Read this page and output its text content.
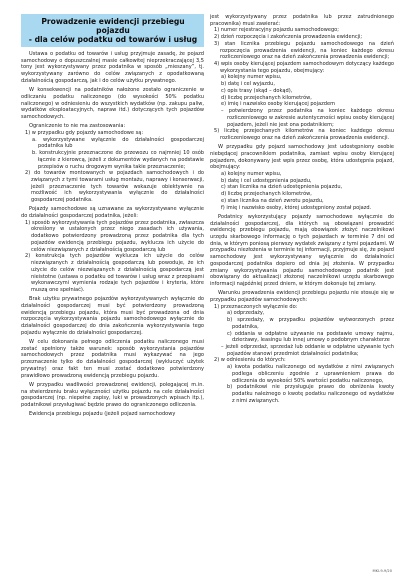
Prowadzenie ewidencji przebiegu pojazdu
- dla celów podatku od towarów i usług

Ustawa o podatku od towarów i usług przyjmuje zasadę, że pojazd samochodowy o dopuszczalnej masie całkowitej nieprzekraczającej 3,5 tony jest wykorzystywany przez podatnika w sposób „mieszany”, tj. wykorzystywany zarówno do celów związanych z opodatkowaną działalnością gospodarczą, jak i do celów użytku prywatnego.

W konsekwencji na podatników nałożone zostało ograniczenie w odliczaniu podatku naliczonego (do wysokości 50% podatku naliczonego) w odniesieniu do wszystkich wydatków (np. zakupu paliw, wydatków eksploatacyjnych, napraw itd.) dotyczących tych pojazdów samochodowych.

Ograniczenie to nie ma zastosowania:

1) w przypadku gdy pojazdy samochodowe są:

a. wykorzystywane wyłącznie do działalności gospodarczej podatnika lub

b. konstrukcyjnie przeznaczone do przewozu co najmniej 10 osób łącznie z kierowcą, jeżeli z dokumentów wydanych na podstawie przepisów o ruchu drogowym wynika takie przeznaczenie;

2) do towarów montowanych w pojazdach samochodowych i do związanych z tymi towarami usług montażu, naprawy i konserwacji, jeżeli przeznaczenie tych towarów wskazuje obiektywnie na możliwość ich wykorzystywania wyłącznie do działalności gospodarczej podatnika.

Pojazdy samochodowe są uznawane za wykorzystywane wyłącznie do działalności gospodarczej podatnika, jeżeli:

1) sposób wykorzystywania tych pojazdów przez podatnika, zwłaszcza określony w ustalonych przez niego zasadach ich używania, dodatkowo potwierdzony prowadzoną przez podatnika dla tych pojazdów ewidencją przebiegu pojazdu, wyklucza ich użycie do celów niezwiązanych z działalnością gospodarczą lub

2) konstrukcja tych pojazdów wyklucza ich użycie do celów niezwiązanych z działalnością gospodarczą lub powoduje, że ich użycie do celów niezwiązanych z działalnością gospodarczą jest nieistotne (ustawa o podatku od towarów i usług wraz z przepisami wykonawczymi wymienia rodzaje tych pojazdów i kryteria, które muszą one spełniać).

Brak użytku prywatnego pojazdów wykorzystywanych wyłącznie do działalności gospodarczej musi być potwierdzony prowadzoną ewidencją przebiegu pojazdu, która musi być prowadzona od dnia rozpoczęcia wykorzystywania pojazdu samochodowego wyłącznie do działalności gospodarczej do dnia zakończenia wykorzystywania tego pojazdu wyłącznie do działalności gospodarczej.

W celu dokonania pełnego odliczenia podatku naliczonego musi zostać spełniony także warunek: sposób wykorzystania pojazdów samochodowych przez podatnika musi wykazywać na jego przeznaczenie tylko do działalności gospodarczej (wykluczyć użytek prywatny) oraz fakt ten musi zostać dodatkowo potwierdzony prawidłowo prowadzoną ewidencją przebiegu pojazdu.

W przypadku wadliwości prowadzonej ewidencji, polegającej m.in. na stwierdzeniu braku wyłączności użytku pojazdu na cele działalności gospodarczej (np. niepełne zapisy, luki w prowadzonych wpisach itp.), podatnikowi przysługiwać będzie prawo do ograniczonego odliczenia.

Ewidencja przebiegu pojazdu (jeżeli pojazd samochodowy

jest wykorzystywany przez podatnika lub przez zatrudnionego pracownika) musi zawierać:

1) numer rejestracyjny pojazdu samochodowego;

2) dzień rozpoczęcia i zakończenia prowadzenia ewidencji;

3) stan licznika przebiegu pojazdu samochodowego na dzień rozpoczęcia prowadzenia ewidencji, na koniec każdego okresu rozliczeniowego oraz na dzień zakończenia prowadzenia ewidencji;

4) wpis osoby kierującej pojazdem samochodowym dotyczący każdego wykorzystania tego pojazdu, obejmujący:

a) kolejny numer wpisu,

b) datę i cel wyjazdu,

c) opis trasy (skąd – dokąd),

d) liczbę przejechanych kilometrów,

e) imię i nazwisko osoby kierującej pojazdem

– potwierdzony przez podatnika na koniec każdego okresu rozliczeniowego w zakresie autentyczności wpisu osoby kierującej pojazdem, jeżeli nie jest ona podatnikiem;

5) liczbę przejechanych kilometrów na koniec każdego okresu rozliczeniowego oraz na dzień zakończenia prowadzenia ewidencji.

W przypadku gdy pojazd samochodowy jest udostępniony osobie niebędącej pracownikiem podatnika, zamiast wpisu osoby kierującej pojazdem, dokonywany jest wpis przez osobę, która udostępnia pojazd, obejmujący:

a) kolejny numer wpisu,

b) datę i cel udostępnienia pojazdu,

c) stan licznika na dzień udostępnienia pojazdu,

d) liczbę przejechanych kilometrów,

e) stan licznika na dzień zwrotu pojazdu,

f) imię i nazwisko osoby, której udostępniony został pojazd.

Podatnicy wykorzystujący pojazdy samochodowe wyłącznie do działalności gospodarczej, dla których są obowiązani prowadzić ewidencję przebiegu pojazdu, mają obowiązek złożyć naczelnikowi urzędu skarbowego informację o tych pojazdach w terminie 7 dni od dnia, w którym poniosą pierwszy wydatek związany z tymi pojazdami. W przypadku niezłożenia w terminie tej informacji, przyjmuje się, że pojazd samochodowy jest wykorzystywany wyłącznie do działalności gospodarczej podatnika dopiero od dnia jej złożenia. W przypadku zmiany wykorzystywania pojazdu samochodowego podatnik jest obowiązany do aktualizacji złożonej naczelnikowi urzędu skarbowego informacji najpóźniej przed dniem, w którym dokonuje tej zmiany.

Warunku prowadzenia ewidencji przebiegu pojazdu nie stosuje się w przypadku pojazdów samochodowych:

1) przeznaczonych wyłącznie do:

a) odprzedaży,

b) sprzedaży, w przypadku pojazdów wytworzonych przez podatnika,

c) oddania w odpłatne używanie na podstawie umowy najmu, dzierżawy, leasingu lub innej umowy o podobnym charakterze

– jeżeli odprzedaż, sprzedaż lub oddanie w odpłatne używanie tych pojazdów stanowi przedmiot działalności podatnika;

2) w odniesieniu do których:

a) kwota podatku naliczonego od wydatków z nimi związanych podlega obliczeniu zgodnie z uprawnieniem prawa do odliczenia do wysokości 50% wartości podatku naliczonego,

b) podatnikowi nie przysługuje prawo do obniżenia kwoty podatku należnego o kwotę podatku naliczonego od wydatków z nimi związanych.

MKI-9-9/20
